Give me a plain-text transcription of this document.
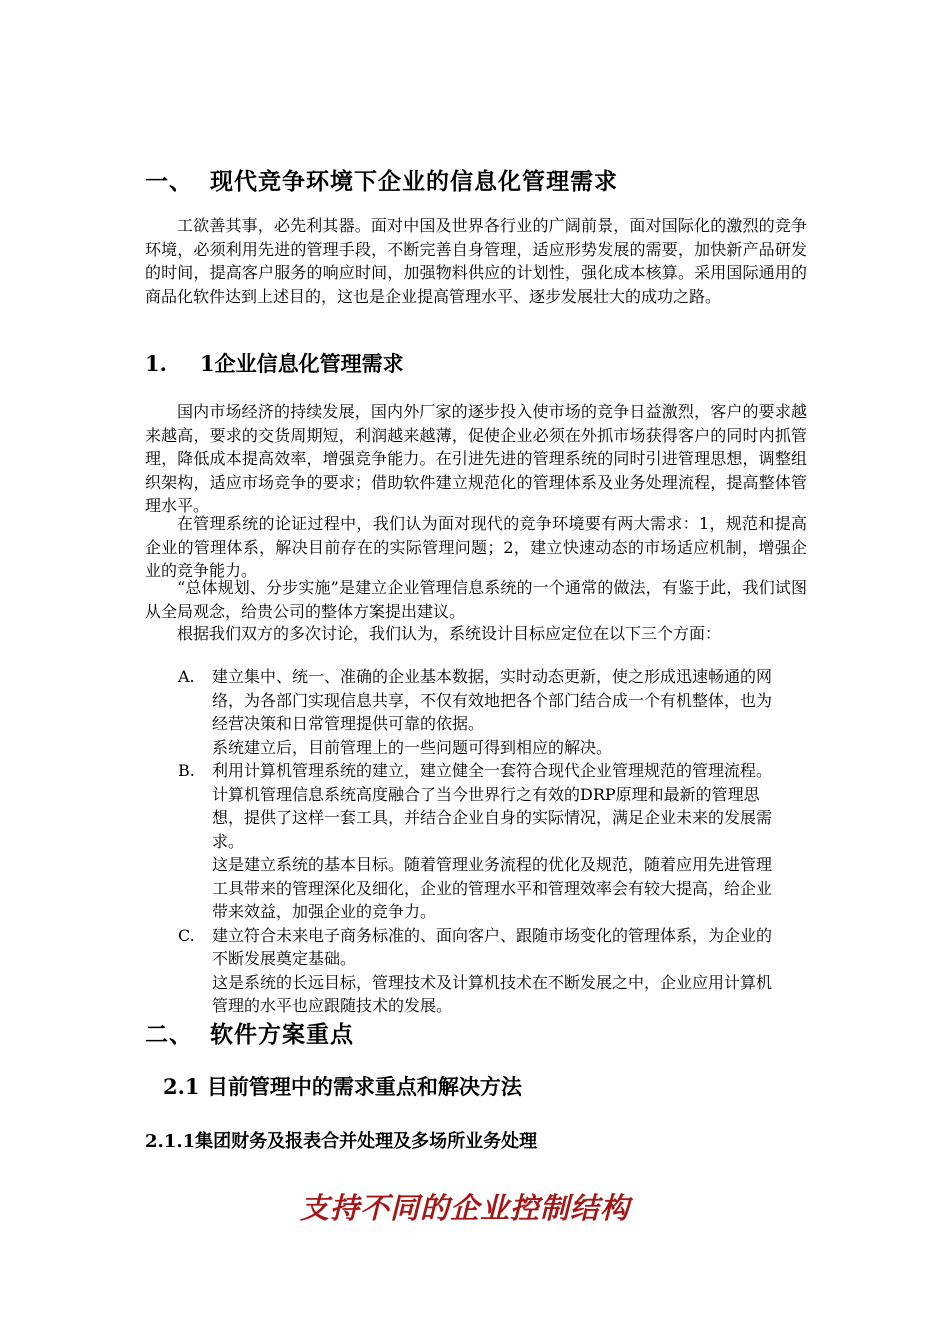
一、 现代竞争环境下企业的信息化管理需求

工欲善其事，必先利其器。面对中国及世界各行业的广阔前景，面对国际化的激烈的竞争环境，必须利用先进的管理手段，不断完善自身管理，适应形势发展的需要，加快新产品研发的时间，提高客户服务的响应时间，加强物料供应的计划性，强化成本核算。采用国际通用的商品化软件达到上述目的，这也是企业提高管理水平、逐步发展壮大的成功之路。

1. 1企业信息化管理需求

国内市场经济的持续发展，国内外厂家的逐步投入使市场的竞争日益激烈，客户的要求越来越高，要求的交货周期短，利润越来越薄，促使企业必须在外抓市场获得客户的同时内抓管理，降低成本提高效率，增强竞争能力。在引进先进的管理系统的同时引进管理思想，调整组织架构，适应市场竞争的要求；借助软件建立规范化的管理体系及业务处理流程，提高整体管理水平。

在管理系统的论证过程中，我们认为面对现代的竞争环境要有两大需求：1，规范和提高企业的管理体系，解决目前存在的实际管理问题；2，建立快速动态的市场适应机制，增强企业的竞争能力。

“总体规划、分步实施”是建立企业管理信息系统的一个通常的做法，有鉴于此，我们试图从全局观念，给贵公司的整体方案提出建议。

根据我们双方的多次讨论，我们认为，系统设计目标应定位在以下三个方面：

A. 建立集中、统一、准确的企业基本数据，实时动态更新，使之形成迅速畅通的网络，为各部门实现信息共享，不仅有效地把各个部门结合成一个有机整体，也为经营决策和日常管理提供可靠的依据。

系统建立后，目前管理上的一些问题可得到相应的解决。

B. 利用计算机管理系统的建立，建立健全一套符合现代企业管理规范的管理流程。计算机管理信息系统高度融合了当今世界行之有效的DRP原理和最新的管理思想，提供了这样一套工具，并结合企业自身的实际情况，满足企业未来的发展需求。

这是建立系统的基本目标。随着管理业务流程的优化及规范，随着应用先进管理工具带来的管理深化及细化，企业的管理水平和管理效率会有较大提高，给企业带来效益，加强企业的竞争力。

C. 建立符合未来电子商务标准的、面向客户、跟随市场变化的管理体系，为企业的不断发展奠定基础。

这是系统的长远目标，管理技术及计算机技术在不断发展之中，企业应用计算机管理的水平也应跟随技术的发展。

二、 软件方案重点
2.1 目前管理中的需求重点和解决方法
2.1.1集团财务及报表合并处理及多场所业务处理
支持不同的企业控制结构
